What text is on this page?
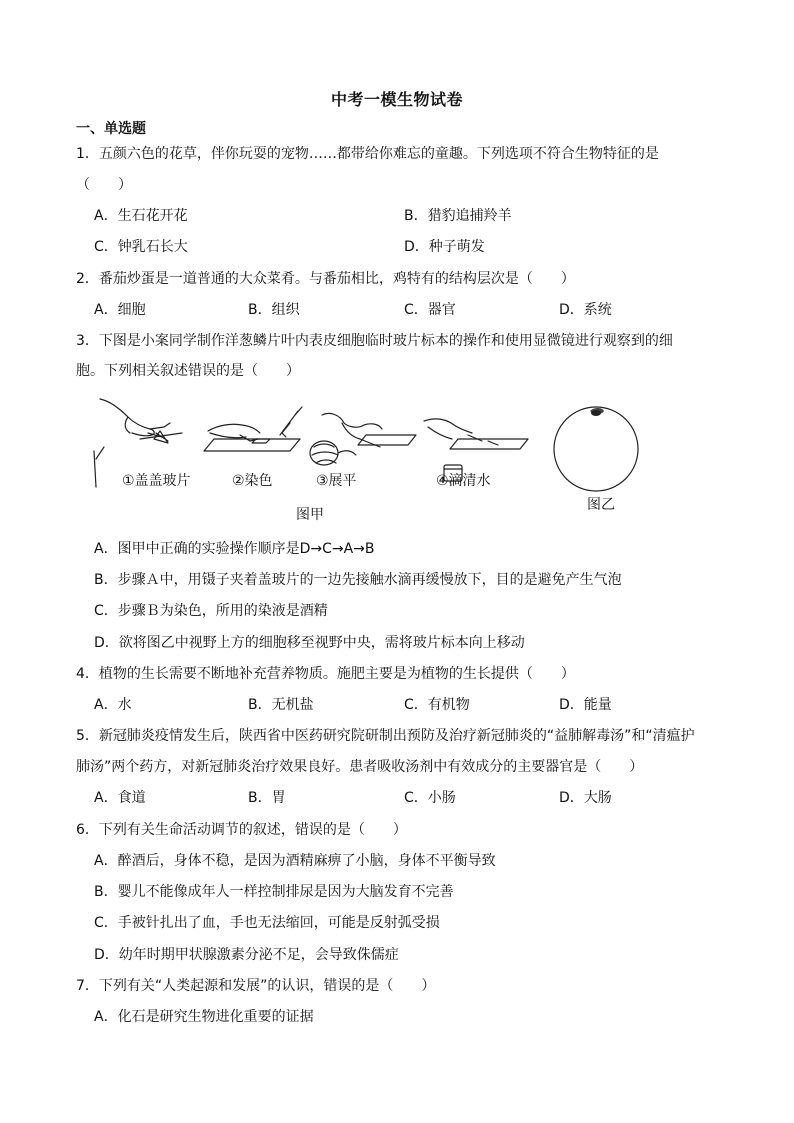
中考一模生物试卷
一、单选题
1．五颜六色的花草，伴你玩耍的宠物……都带给你难忘的童趣。下列选项不符合生物特征的是
（　　）
A．生石花开花	B．猎豹追捕羚羊
C．钟乳石长大	D．种子萌发
2．番茄炒蛋是一道普通的大众菜肴。与番茄相比，鸡特有的结构层次是（　　）
A．细胞	B．组织	C．器官	D．系统
3．下图是小案同学制作洋葱鳞片叶内表皮细胞临时玻片标本的操作和使用显微镜进行观察到的细
胞。下列相关叙述错误的是（　　）
①盖盖玻片	②染色	③展平	④滴清水
图甲
图乙
A．图甲中正确的实验操作顺序是D→C→A→B
B．步骤Ａ中，用镊子夹着盖玻片的一边先接触水滴再缓慢放下，目的是避免产生气泡
C．步骤Ｂ为染色，所用的染液是酒精
D．欲将图乙中视野上方的细胞移至视野中央，需将玻片标本向上移动
4．植物的生长需要不断地补充营养物质。施肥主要是为植物的生长提供（　　）
A．水	B．无机盐	C．有机物	D．能量
5．新冠肺炎疫情发生后，陕西省中医药研究院研制出预防及治疗新冠肺炎的“益肺解毒汤”和“清瘟护
肺汤”两个药方，对新冠肺炎治疗效果良好。患者吸收汤剂中有效成分的主要器官是（　　）
A．食道	B．胃	C．小肠	D．大肠
6．下列有关生命活动调节的叙述，错误的是（　　）
A．醉酒后，身体不稳，是因为酒精麻痹了小脑，身体不平衡导致
B．婴儿不能像成年人一样控制排尿是因为大脑发育不完善
C．手被针扎出了血，手也无法缩回，可能是反射弧受损
D．幼年时期甲状腺激素分泌不足，会导致侏儒症
7．下列有关“人类起源和发展”的认识，错误的是（　　）
A．化石是研究生物进化重要的证据
